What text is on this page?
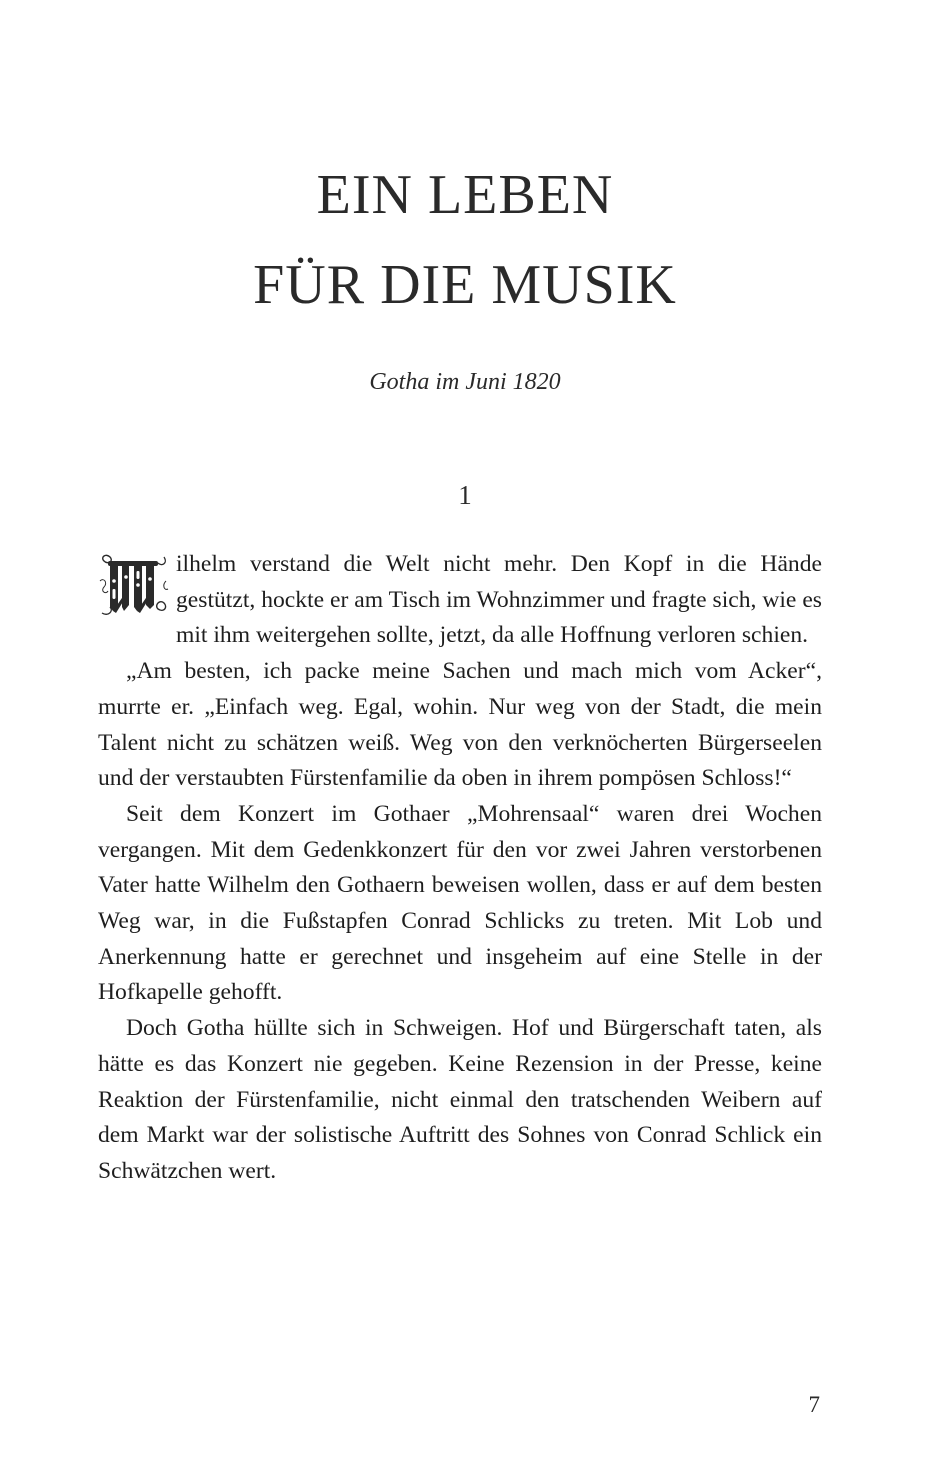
EIN LEBEN
FÜR DIE MUSIK
Gotha im Juni 1820
1

ilhelm verstand die Welt nicht mehr. Den Kopf in die Hände gestützt, hockte er am Tisch im Wohnzimmer und fragte sich, wie es mit ihm weitergehen sollte, jetzt, da alle Hoffnung verloren schien.

„Am besten, ich packe meine Sachen und mach mich vom Acker“, murrte er. „Einfach weg. Egal, wohin. Nur weg von der Stadt, die mein Talent nicht zu schätzen weiß. Weg von den verknöcherten Bürgerseelen und der verstaubten Fürstenfamilie da oben in ihrem pompösen Schloss!“

Seit dem Konzert im Gothaer „Mohrensaal“ waren drei Wochen vergangen. Mit dem Gedenkkonzert für den vor zwei Jahren verstorbenen Vater hatte Wilhelm den Gothaern beweisen wollen, dass er auf dem besten Weg war, in die Fußstapfen Conrad Schlicks zu treten. Mit Lob und Anerkennung hatte er gerechnet und insgeheim auf eine Stelle in der Hofkapelle gehofft.

Doch Gotha hüllte sich in Schweigen. Hof und Bürgerschaft taten, als hätte es das Konzert nie gegeben. Keine Rezension in der Presse, keine Reaktion der Fürstenfamilie, nicht einmal den tratschenden Weibern auf dem Markt war der solistische Auftritt des Sohnes von Conrad Schlick ein Schwätzchen wert.

7
